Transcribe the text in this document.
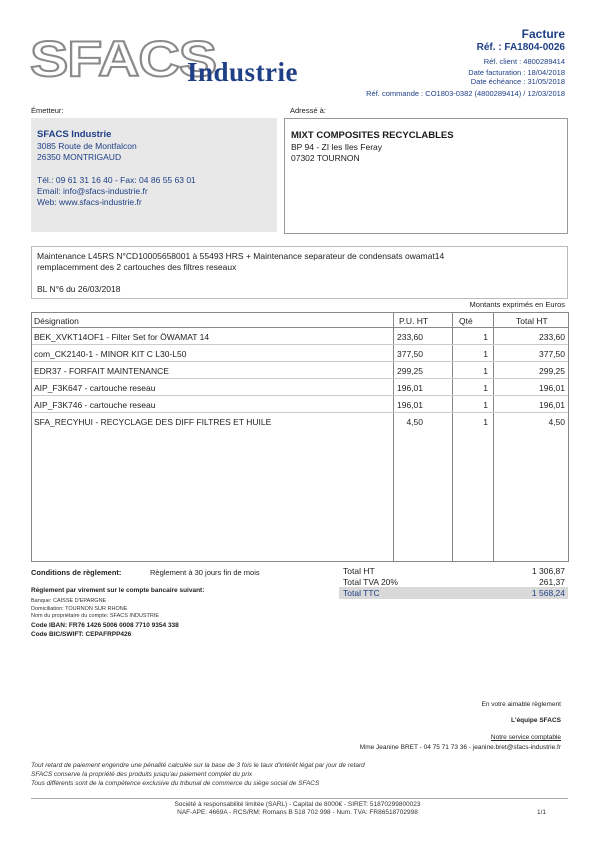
SFACS
Industrie
Facture
Réf. : FA1804-0026
Réf. client : 4800289414
Date facturation : 18/04/2018
Date échéance : 31/05/2018
Réf. commande : CO1803-0382 (4800289414) / 12/03/2018
Émetteur:	Adressé à:
SFACS Industrie
3085 Route de Montfalcon
26350 MONTRIGAUD
Tél.: 09 61 31 16 40 - Fax: 04 86 55 63 01
Email: info@sfacs-industrie.fr
Web: www.sfacs-industrie.fr
MIXT COMPOSITES RECYCLABLES
BP 94 - ZI les Iles Feray
07302 TOURNON
Maintenance L45RS N°CD10005658001 à 55493 HRS + Maintenance separateur de condensats owamat14
remplacemment des 2 cartouches des filtres reseaux
BL N°6 du 26/03/2018
Montants exprimés en Euros
Désignation	P.U. HT	Qté	Total HT
BEK_XVKT14OF1 - Filter Set for ÖWAMAT 14	233,60	1	233,60
com_CK2140-1 - MINOR KIT C L30-L50	377,50	1	377,50
EDR37 - FORFAIT MAINTENANCE	299,25	1	299,25
AIP_F3K647 - cartouche reseau	196,01	1	196,01
AIP_F3K746 - cartouche reseau	196,01	1	196,01
SFA_RECYHUI - RECYCLAGE DES DIFF FILTRES ET HUILE	4,50	1	4,50
Conditions de règlement:	Règlement à 30 jours fin de mois
Règlement par virement sur le compte bancaire suivant:
Banque: CAISSE D'EPARGNE
Domiciliation: TOURNON SUR RHONE
Nom du propriétaire du compte: SFACS INDUSTRIE
Code IBAN: FR76 1426 5006 0008 7710 9354 338
Code BIC/SWIFT: CEPAFRPP426
Total HT	1 306,87
Total TVA 20%	261,37
Total TTC	1 568,24
En votre aimable règlement
L'équipe SFACS
Notre service comptable
Mme Jeanine BRET - 04 75 71 73 36 - jeanine.bret@sfacs-industrie.fr
Tout retard de paiement engendre une pénalité calculée sur la base de 3 fois le taux d'intérêt légal par jour de retard
SFACS conserve la propriété des produits jusqu'au paiement complet du prix
Tous différents sont de la compétence exclusive du tribunal de commerce du siège social de SFACS
Société à responsabilité limitée (SARL) - Capital de 8000€ - SIRET: 51870299800023
NAF-APE: 4669A - RCS/RM: Romans B 518 702 998 - Num. TVA: FR86518702998	1/1
